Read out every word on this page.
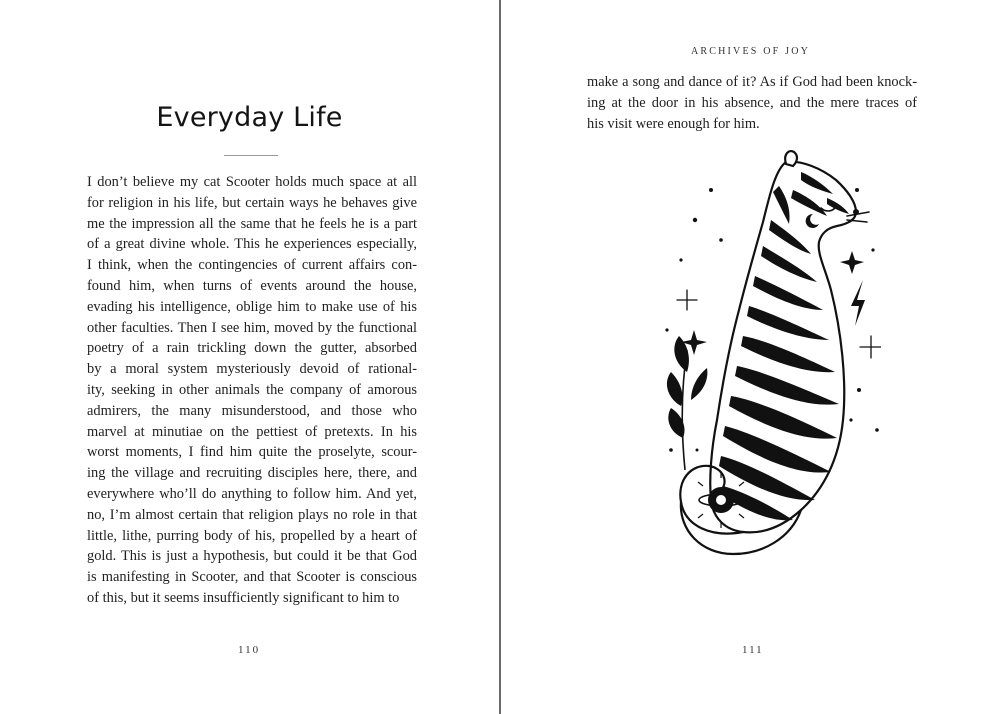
Everyday Life
I don’t believe my cat Scooter holds much space at all
for religion in his life, but certain ways he behaves give
me the impression all the same that he feels he is a part
of a great divine whole. This he experiences especially,
I think, when the contingencies of current affairs con-
found him, when turns of events around the house,
evading his intelligence, oblige him to make use of his
other faculties. Then I see him, moved by the functional
poetry of a rain trickling down the gutter, absorbed
by a moral system mysteriously devoid of rational-
ity, seeking in other animals the company of amorous
admirers, the many misunderstood, and those who
marvel at minutiae on the pettiest of pretexts. In his
worst moments, I find him quite the proselyte, scour-
ing the village and recruiting disciples here, there, and
everywhere who’ll do anything to follow him. And yet,
no, I’m almost certain that religion plays no role in that
little, lithe, purring body of his, propelled by a heart of
gold. This is just a hypothesis, but could it be that God
is manifesting in Scooter, and that Scooter is conscious
of this, but it seems insufficiently significant to him to
110
ARCHIVES OF JOY
make a song and dance of it? As if God had been knock-
ing at the door in his absence, and the mere traces of
his visit were enough for him.
111
